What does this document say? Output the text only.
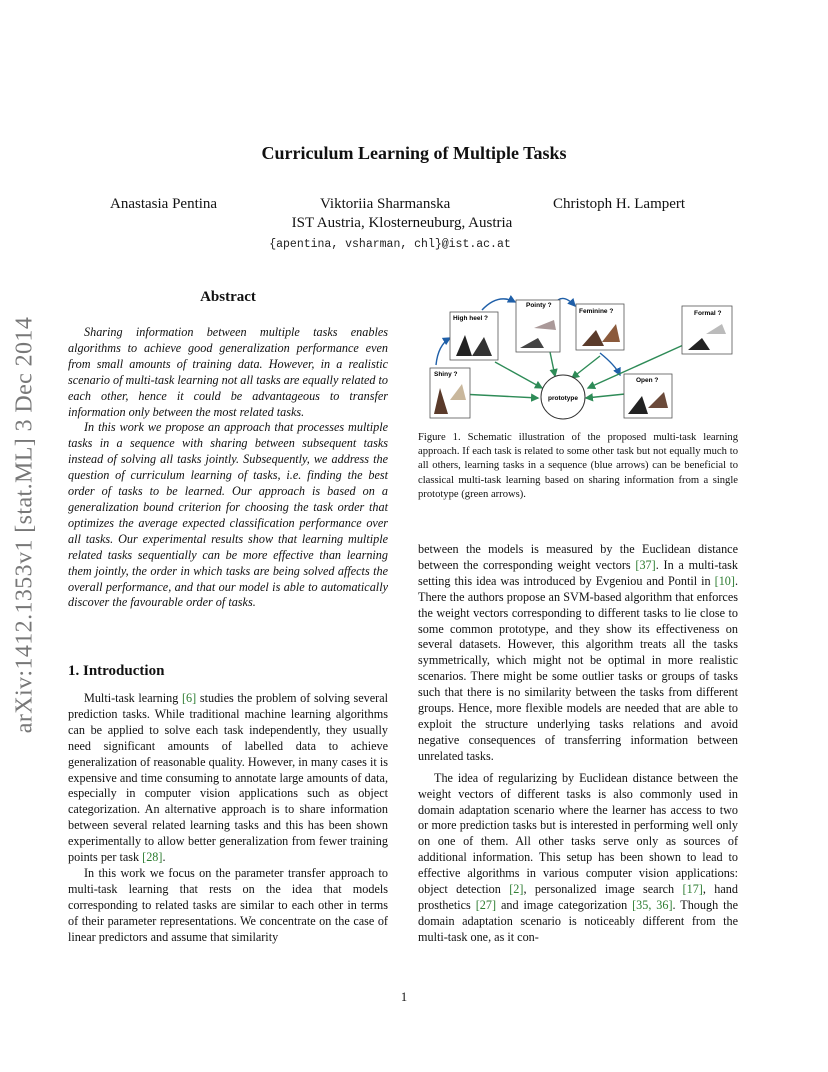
Curriculum Learning of Multiple Tasks
Anastasia Pentina	Viktoriia Sharmanska	Christoph H. Lampert
IST Austria, Klosterneuburg, Austria
{apentina, vsharman, chl}@ist.ac.at
arXiv:1412.1353v1 [stat.ML] 3 Dec 2014
Abstract

Sharing information between multiple tasks enables algorithms to achieve good generalization performance even from small amounts of training data. However, in a realistic scenario of multi-task learning not all tasks are equally related to each other, hence it could be advantageous to transfer information only between the most related tasks.

In this work we propose an approach that processes multiple tasks in a sequence with sharing between subsequent tasks instead of solving all tasks jointly. Subsequently, we address the question of curriculum learning of tasks, i.e. finding the best order of tasks to be learned. Our approach is based on a generalization bound criterion for choosing the task order that optimizes the average expected classification performance over all tasks. Our experimental results show that learning multiple related tasks sequentially can be more effective than learning them jointly, the order in which tasks are being solved affects the overall performance, and that our model is able to automatically discover the favourable order of tasks.

1. Introduction

Multi-task learning [6] studies the problem of solving several prediction tasks. While traditional machine learning algorithms can be applied to solve each task independently, they usually need significant amounts of labelled data to achieve generalization of reasonable quality. However, in many cases it is expensive and time consuming to annotate large amounts of data, especially in computer vision applications such as object categorization. An alternative approach is to share information between several related learning tasks and this has been shown experimentally to allow better generalization from fewer training points per task [28].

In this work we focus on the parameter transfer approach to multi-task learning that rests on the idea that models corresponding to related tasks are similar to each other in terms of their parameter representations. We concentrate on the case of linear predictors and assume that similarity

prototype
High heel ?
Pointy ?
Feminine ?	Formal ?
Shiny ?
Open ?
Figure 1. Schematic illustration of the proposed multi-task learning approach. If each task is related to some other task but not equally much to all others, learning tasks in a sequence (blue arrows) can be beneficial to classical multi-task learning based on sharing information from a single prototype (green arrows).

between the models is measured by the Euclidean distance between the corresponding weight vectors [37]. In a multi-task setting this idea was introduced by Evgeniou and Pontil in [10]. There the authors propose an SVM-based algorithm that enforces the weight vectors corresponding to different tasks to lie close to some common prototype, and they show its effectiveness on several datasets. However, this algorithm treats all the tasks symmetrically, which might not be optimal in more realistic scenarios. There might be some outlier tasks or groups of tasks such that there is no similarity between the tasks from different groups. Hence, more flexible models are needed that are able to exploit the structure underlying tasks relations and avoid negative consequences of transferring information between unrelated tasks.

The idea of regularizing by Euclidean distance between the weight vectors of different tasks is also commonly used in domain adaptation scenario where the learner has access to two or more prediction tasks but is interested in performing well only on one of them. All other tasks serve only as sources of additional information. This setup has been shown to lead to effective algorithms in various computer vision applications: object detection [2], personalized image search [17], hand prosthetics [27] and image categorization [35, 36]. Though the domain adaptation scenario is noticeably different from the multi-task one, as it con-

1
